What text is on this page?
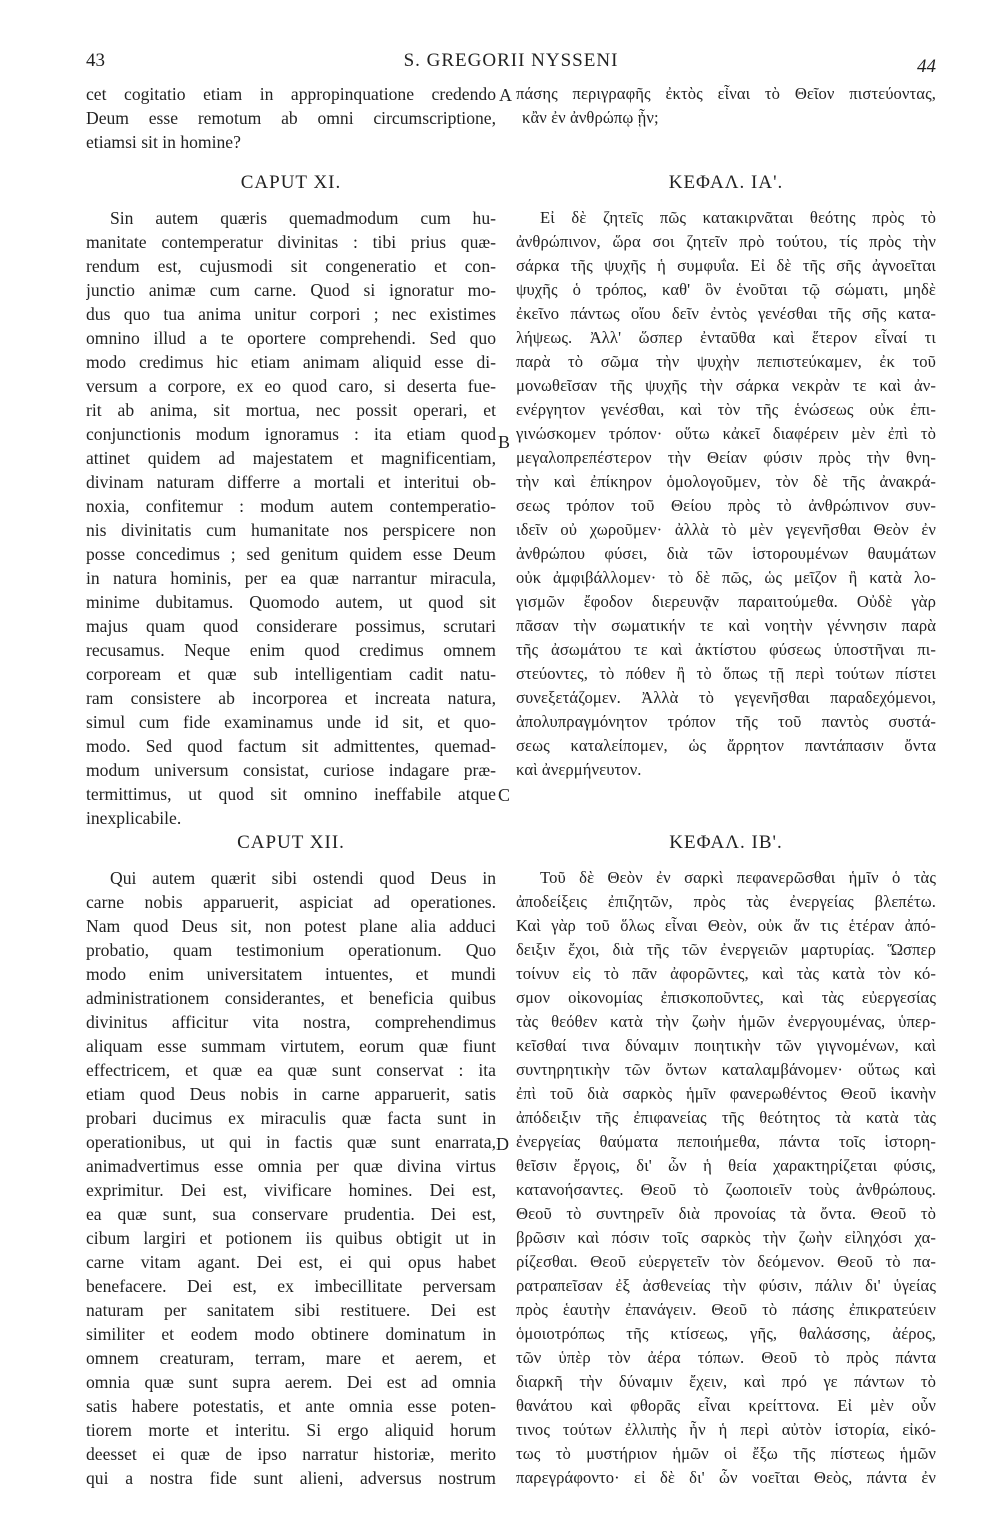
43	S. GREGORII NYSSENI	44
cet cogitatio etiam in appropinquatione credendo
Deum esse remotum ab omni circumscriptione,
etiamsi sit in homine?
πάσης περιγραφῆς ἐκτὸς εἶναι τὸ Θεῖον πιστεύοντας,
κἂν ἐν ἀνθρώπῳ ᾖν;
A
B
C
D
CAPUT XI.	ΚΕΦΑΛ. ΙΑ'.
Sin autem quæris quemadmodum cum hu-
manitate contemperatur divinitas : tibi prius quæ-
rendum est, cujusmodi sit congeneratio et con-
junctio animæ cum carne. Quod si ignoratur mo-
dus quo tua anima unitur corpori ; nec existimes
omnino illud a te oportere comprehendi. Sed quo
modo credimus hic etiam animam aliquid esse di-
versum a corpore, ex eo quod caro, si deserta fue-
rit ab anima, sit mortua, nec possit operari, et
conjunctionis modum ignoramus : ita etiam quod
attinet quidem ad majestatem et magnificentiam,
divinam naturam differre a mortali et interitui ob-
noxia, confitemur : modum autem contemperatio-
nis divinitatis cum humanitate nos perspicere non
posse concedimus ; sed genitum quidem esse Deum
in natura hominis, per ea quæ narrantur miracula,
minime dubitamus. Quomodo autem, ut quod sit
majus quam quod considerare possimus, scrutari
recusamus. Neque enim quod credimus omnem
corpoream et quæ sub intelligentiam cadit natu-
ram consistere ab incorporea et increata natura,
simul cum fide examinamus unde id sit, et quo-
modo. Sed quod factum sit admittentes, quemad-
modum universum consistat, curiose indagare præ-
termittimus, ut quod sit omnino ineffabile atque
inexplicabile.
Εἰ δὲ ζητεῖς πῶς κατακιρνᾶται θεότης πρὸς τὸ
ἀνθρώπινον, ὥρα σοι ζητεῖν πρὸ τούτου, τίς πρὸς τὴν
σάρκα τῆς ψυχῆς ἡ συμφυΐα. Εἰ δὲ τῆς σῆς ἀγνοεῖται
ψυχῆς ὁ τρόπος, καθ' ὃν ἑνοῦται τῷ σώματι, μηδὲ
ἐκεῖνο πάντως οἴου δεῖν ἐντὸς γενέσθαι τῆς σῆς κατα-
λήψεως. Ἀλλ' ὥσπερ ἐνταῦθα καὶ ἕτερον εἶναί τι
παρὰ τὸ σῶμα τὴν ψυχὴν πεπιστεύκαμεν, ἐκ τοῦ
μονωθεῖσαν τῆς ψυχῆς τὴν σάρκα νεκρὰν τε καὶ ἀν-
ενέργητον γενέσθαι, καὶ τὸν τῆς ἑνώσεως οὐκ ἐπι-
γινώσκομεν τρόπον· οὕτω κἀκεῖ διαφέρειν μὲν ἐπὶ τὸ
μεγαλοπρεπέστερον τὴν Θείαν φύσιν πρὸς τὴν θνη-
τὴν καὶ ἐπίκηρον ὁμολογοῦμεν, τὸν δὲ τῆς ἀνακρά-
σεως τρόπον τοῦ Θείου πρὸς τὸ ἀνθρώπινον συν-
ιδεῖν οὐ χωροῦμεν· ἀλλὰ τὸ μὲν γεγενῆσθαι Θεὸν ἐν
ἀνθρώπου φύσει, διὰ τῶν ἱστορουμένων θαυμάτων
οὐκ ἀμφιβάλλομεν· τὸ δὲ πῶς, ὡς μεῖζον ἢ κατὰ λο-
γισμῶν ἔφοδον διερευνᾷν παραιτούμεθα. Οὐδὲ γὰρ
πᾶσαν τὴν σωματικήν τε καὶ νοητὴν γέννησιν παρὰ
τῆς ἀσωμάτου τε καὶ ἀκτίστου φύσεως ὑποστῆναι πι-
στεύοντες, τὸ πόθεν ἢ τὸ ὅπως τῇ περὶ τούτων πίστει
συνεξετάζομεν. Ἀλλὰ τὸ γεγενῆσθαι παραδεχόμενοι,
ἀπολυπραγμόνητον τρόπον τῆς τοῦ παντὸς συστά-
σεως καταλείπομεν, ὡς ἄρρητον παντάπασιν ὄντα
καὶ ἀνερμήνευτον.
CAPUT XII.	ΚΕΦΑΛ. ΙΒ'.
Qui autem quærit sibi ostendi quod Deus in
carne nobis apparuerit, aspiciat ad operationes.
Nam quod Deus sit, non potest plane alia adduci
probatio, quam testimonium operationum. Quo
modo enim universitatem intuentes, et mundi
administrationem considerantes, et beneficia quibus
divinitus afficitur vita nostra, comprehendimus
aliquam esse summam virtutem, eorum quæ fiunt
effectricem, et quæ ea quæ sunt conservat : ita
etiam quod Deus nobis in carne apparuerit, satis
probari ducimus ex miraculis quæ facta sunt in
operationibus, ut qui in factis quæ sunt enarrata,
animadvertimus esse omnia per quæ divina virtus
exprimitur. Dei est, vivificare homines. Dei est,
ea quæ sunt, sua conservare prudentia. Dei est,
cibum largiri et potionem iis quibus obtigit ut in
carne vitam agant. Dei est, ei qui opus habet
benefacere. Dei est, ex imbecillitate perversam
naturam per sanitatem sibi restituere. Dei est
similiter et eodem modo obtinere dominatum in
omnem creaturam, terram, mare et aerem, et
omnia quæ sunt supra aerem. Dei est ad omnia
satis habere potestatis, et ante omnia esse poten-
tiorem morte et interitu. Si ergo aliquid horum
deesset ei quæ de ipso narratur historiæ, merito
qui a nostra fide sunt alieni, adversus nostrum
Τοῦ δὲ Θεὸν ἐν σαρκὶ πεφανερῶσθαι ἡμῖν ὁ τὰς
ἀποδείξεις ἐπιζητῶν, πρὸς τὰς ἐνεργείας βλεπέτω.
Καὶ γὰρ τοῦ ὅλως εἶναι Θεὸν, οὐκ ἄν τις ἑτέραν ἀπό-
δειξιν ἔχοι, διὰ τῆς τῶν ἐνεργειῶν μαρτυρίας. Ὥσπερ
τοίνυν εἰς τὸ πᾶν ἀφορῶντες, καὶ τὰς κατὰ τὸν κό-
σμον οἰκονομίας ἐπισκοποῦντες, καὶ τὰς εὐεργεσίας
τὰς θεόθεν κατὰ τὴν ζωὴν ἡμῶν ἐνεργουμένας, ὑπερ-
κεῖσθαί τινα δύναμιν ποιητικὴν τῶν γιγνομένων, καὶ
συντηρητικὴν τῶν ὄντων καταλαμβάνομεν· οὕτως καὶ
ἐπὶ τοῦ διὰ σαρκὸς ἡμῖν φανερωθέντος Θεοῦ ἱκανὴν
ἀπόδειξιν τῆς ἐπιφανείας τῆς θεότητος τὰ κατὰ τὰς
ἐνεργείας θαύματα πεποιήμεθα, πάντα τοῖς ἱστορη-
θεῖσιν ἔργοις, δι' ὧν ἡ θεία χαρακτηρίζεται φύσις,
κατανοήσαντες. Θεοῦ τὸ ζωοποιεῖν τοὺς ἀνθρώπους.
Θεοῦ τὸ συντηρεῖν διὰ προνοίας τὰ ὄντα. Θεοῦ τὸ
βρῶσιν καὶ πόσιν τοῖς σαρκὸς τὴν ζωὴν εἰληχόσι χα-
ρίζεσθαι. Θεοῦ εὐεργετεῖν τὸν δεόμενον. Θεοῦ τὸ πα-
ρατραπεῖσαν ἐξ ἀσθενείας τὴν φύσιν, πάλιν δι' ὑγείας
πρὸς ἑαυτὴν ἐπανάγειν. Θεοῦ τὸ πάσης ἐπικρατεύειν
ὁμοιοτρόπως τῆς κτίσεως, γῆς, θαλάσσης, ἀέρος,
τῶν ὑπὲρ τὸν ἀέρα τόπων. Θεοῦ τὸ πρὸς πάντα
διαρκῆ τὴν δύναμιν ἔχειν, καὶ πρό γε πάντων τὸ
θανάτου καὶ φθορᾶς εἶναι κρείττονα. Εἰ μὲν οὖν
τινος τούτων ἐλλιπὴς ἦν ἡ περὶ αὐτὸν ἱστορία, εἰκό-
τως τὸ μυστήριον ἡμῶν οἱ ἔξω τῆς πίστεως ἡμῶν
παρεγράφοντο· εἰ δὲ δι' ὧν νοεῖται Θεὸς, πάντα ἐν
